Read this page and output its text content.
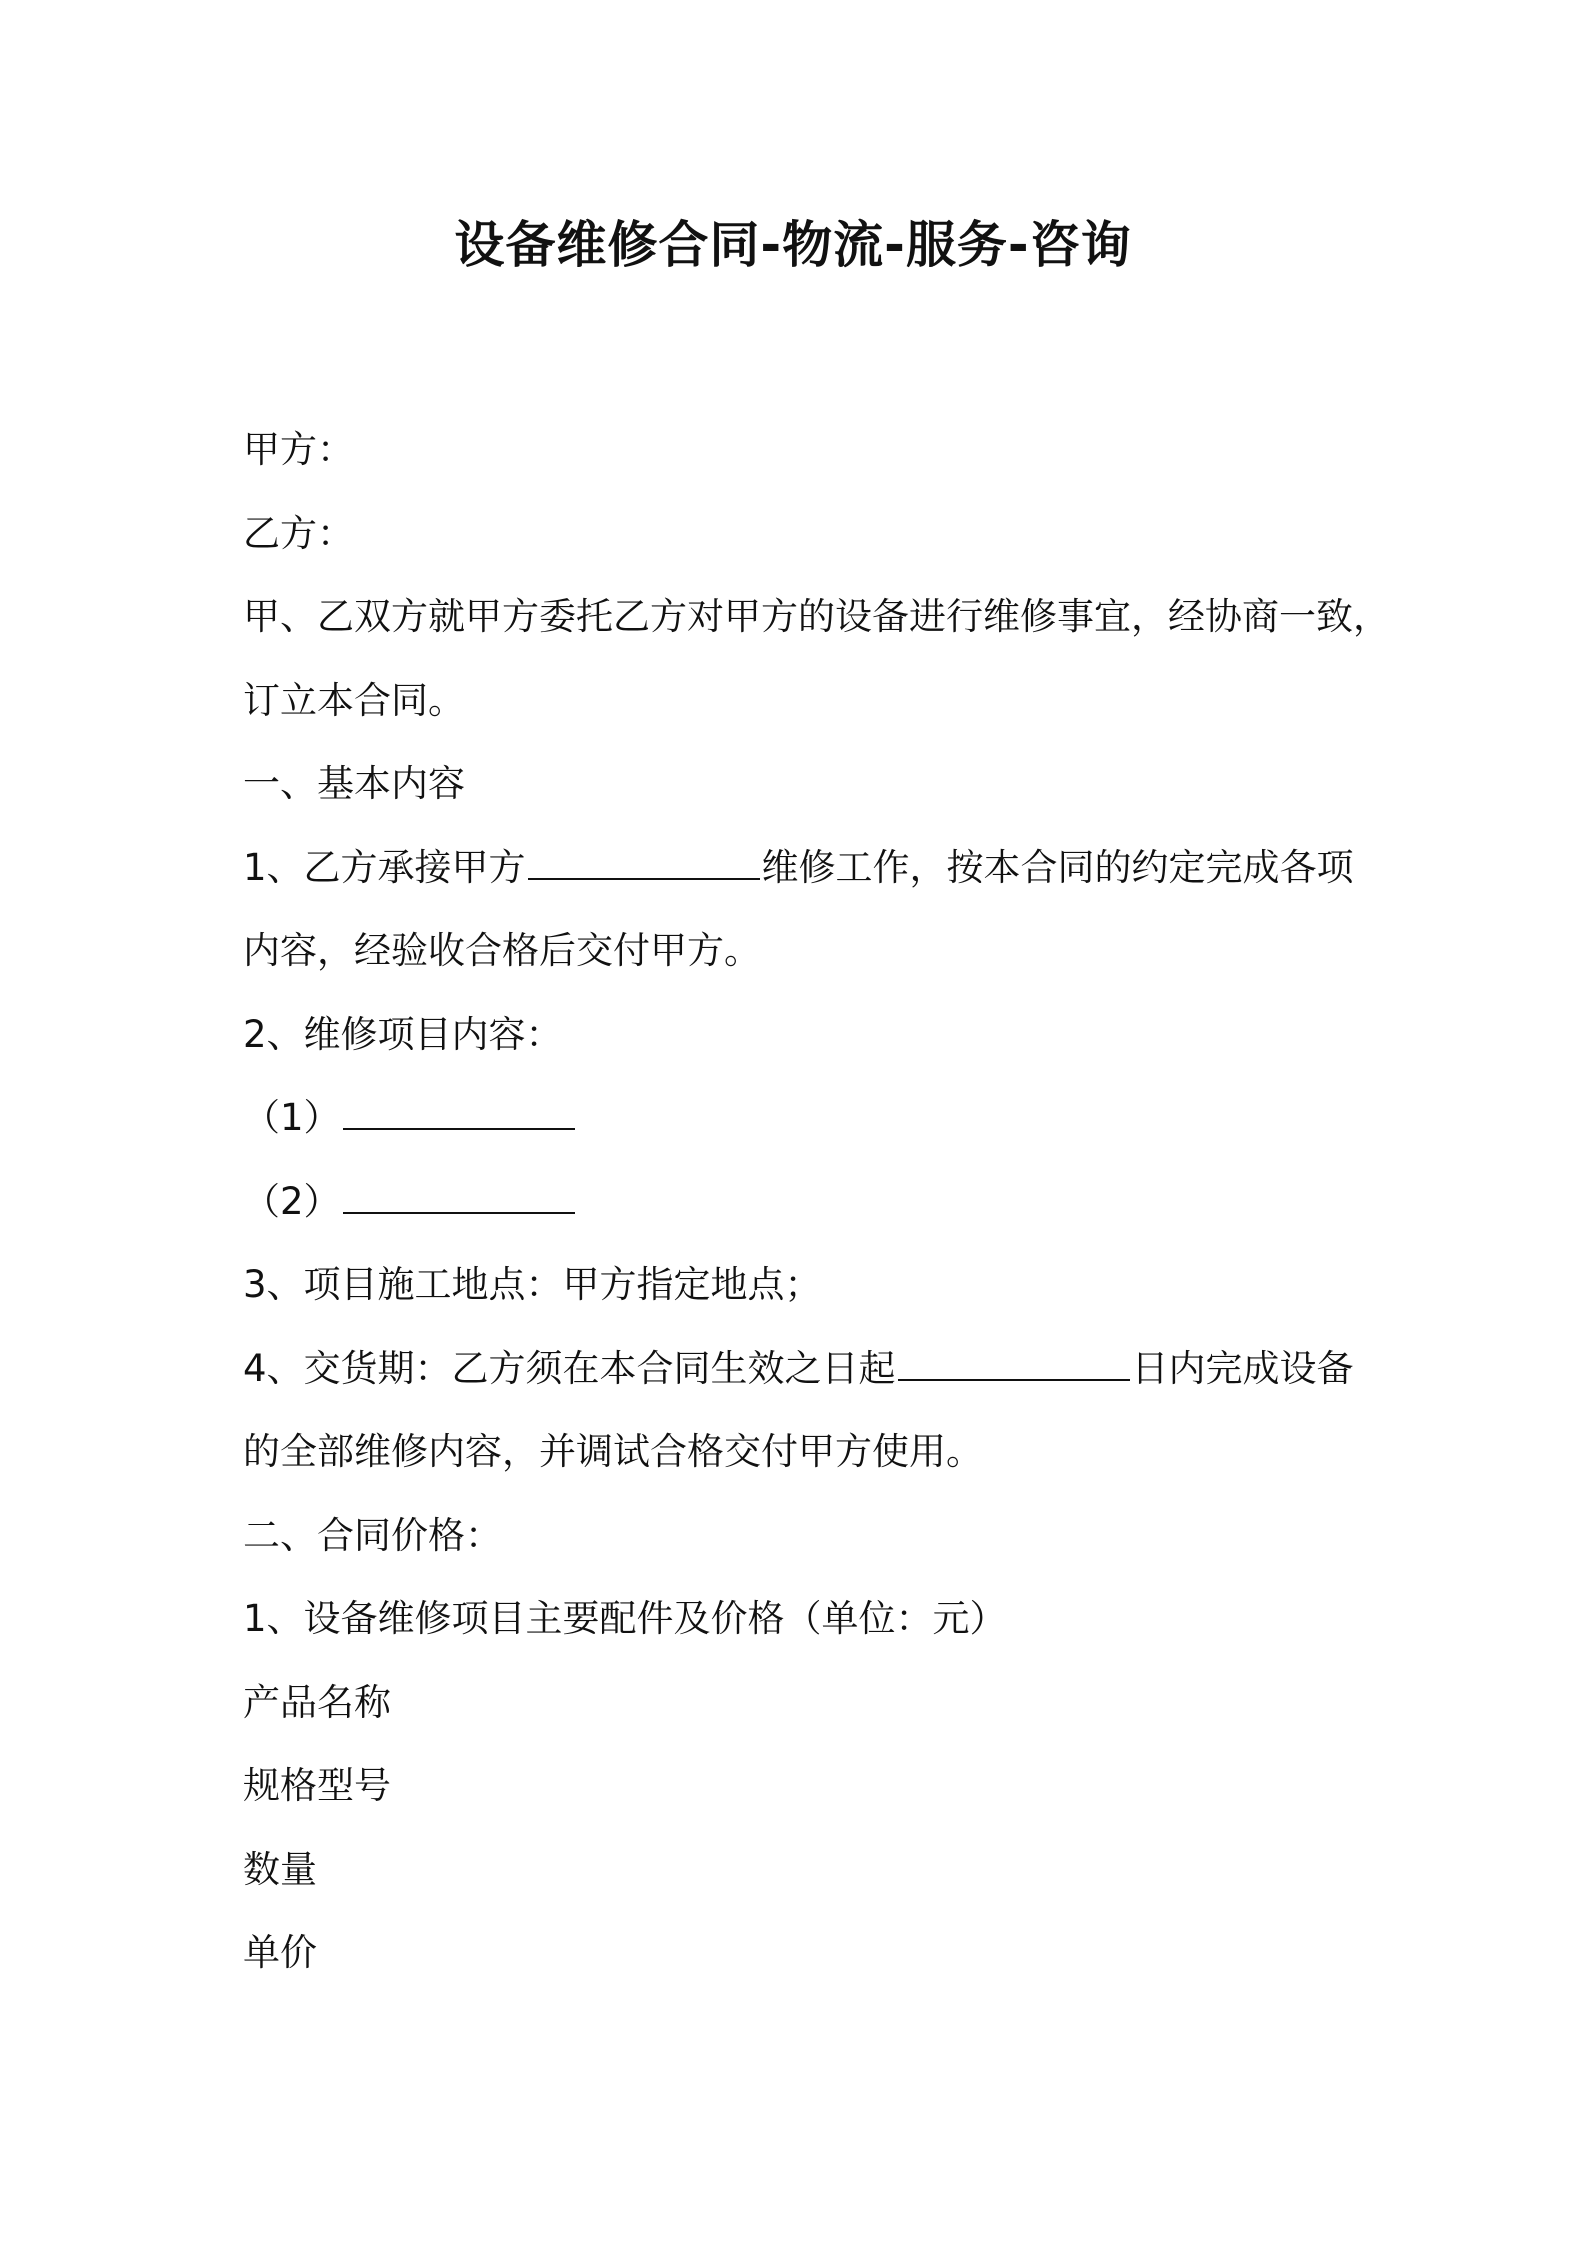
设备维修合同-物流-服务-咨询
甲方：
乙方：
甲、乙双方就甲方委托乙方对甲方的设备进行维修事宜，经协商一致，
订立本合同。
一、基本内容
1、乙方承接甲方	维修工作，按本合同的约定完成各项
内容，经验收合格后交付甲方。
2、维修项目内容：
（1）
（2）
3、项目施工地点：甲方指定地点；
4、交货期：乙方须在本合同生效之日起	日内完成设备
的全部维修内容，并调试合格交付甲方使用。
二、合同价格：
1、设备维修项目主要配件及价格（单位：元）
产品名称
规格型号
数量
单价
